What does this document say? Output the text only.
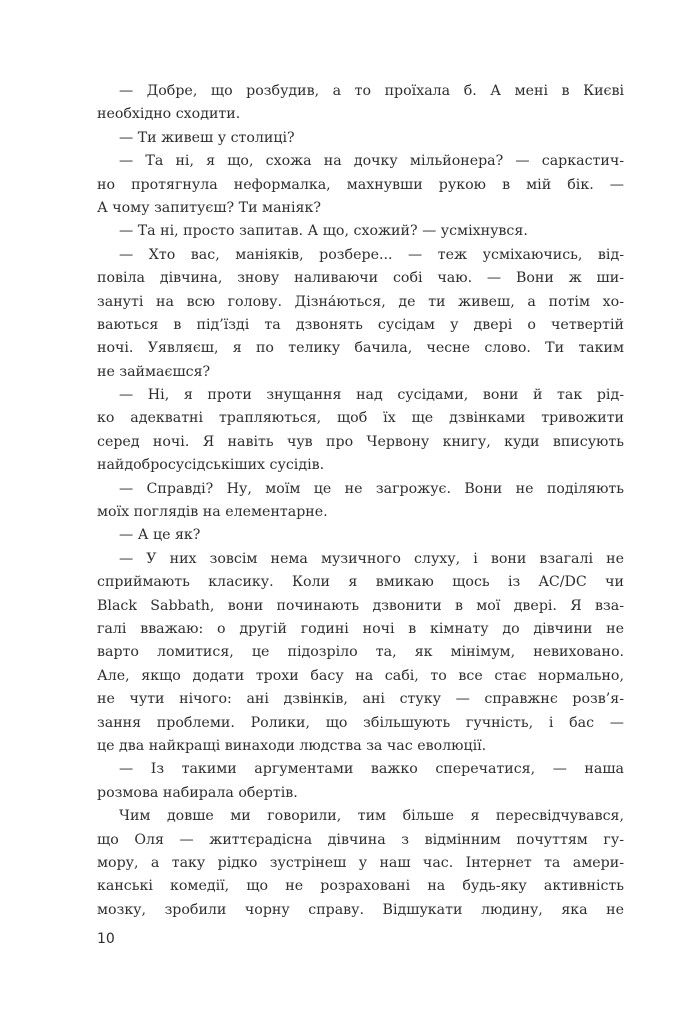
— Добре, що розбудив, а то проїхала б. А мені в Києві
необхідно сходити.

— Ти живеш у столиці?

— Та ні, я що, схожа на дочку мільйонера? — саркастич-
но протягнула неформалка, махнувши рукою в мій бік. —
А чому запитуєш? Ти маніяк?

— Та ні, просто запитав. А що, схожий? — усміхнувся.

— Хто вас, маніяків, розбере... — теж усміхаючись, від-
повіла дівчина, знову наливаючи собі чаю. — Вони ж ши-
зануті на всю голову. Дізна́ються, де ти живеш, а потім хо-
ваються в під’їзді та дзвонять сусідам у двері о четвертій
ночі. Уявляєш, я по телику бачила, чесне слово. Ти таким
не займаєшся?

— Ні, я проти знущання над сусідами, вони й так рід-
ко адекватні трапляються, щоб їх ще дзвінками тривожити
серед ночі. Я навіть чув про Червону книгу, куди вписують
найдобросусідськіших сусідів.

— Справді? Ну, моїм це не загрожує. Вони не поділяють
моїх поглядів на елементарне.

— А це як?

— У них зовсім нема музичного слуху, і вони взагалі не
сприймають класику. Коли я вмикаю щось із AC/DC чи
Black Sabbath, вони починають дзвонити в мої двері. Я вза-
галі вважаю: о другій годині ночі в кімнату до дівчини не
варто ломитися, це підозріло та, як мінімум, невиховано.
Але, якщо додати трохи басу на сабі, то все стає нормально,
не чути нічого: ані дзвінків, ані стуку — справжнє розв’я-
зання проблеми. Ролики, що збільшують гучність, і бас —
це два найкращі винаходи людства за час еволюції.

— Із такими аргументами важко сперечатися, — наша
розмова набирала обертів.

Чим довше ми говорили, тим більше я пересвідчувався,
що Оля — життєрадісна дівчина з відмінним почуттям гу-
мору, а таку рідко зустрінеш у наш час. Інтернет та амери-
канські комедії, що не розраховані на будь-яку активність
мозку, зробили чорну справу. Відшукати людину, яка не

10
